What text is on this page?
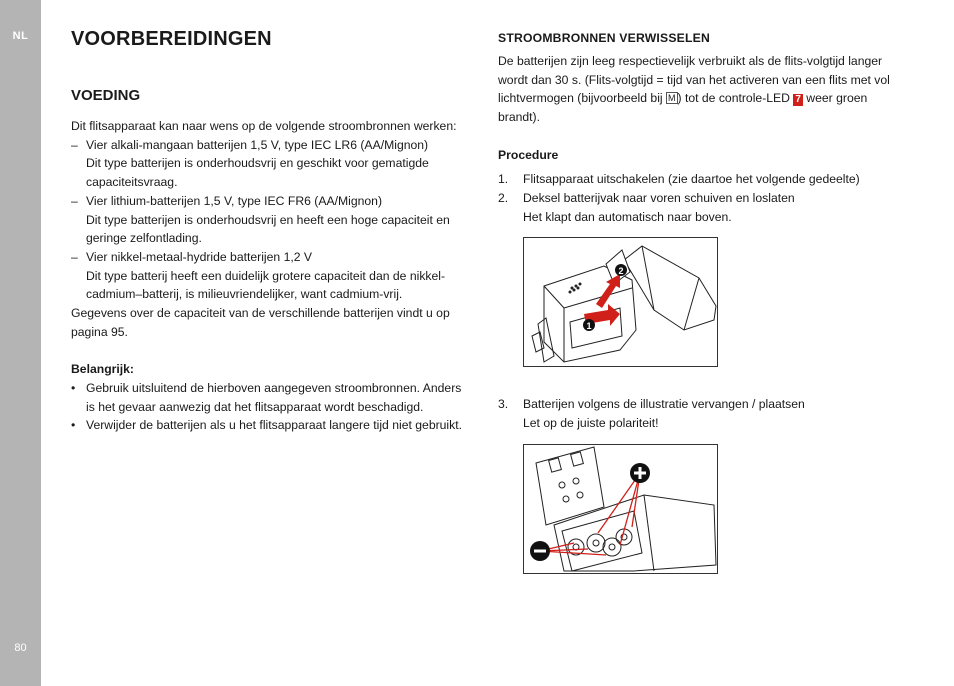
NL
80
VOORBEREIDINGEN
VOEDING

Dit flitsapparaat kan naar wens op de volgende stroombronnen werken:

– Vier alkali-mangaan batterijen 1,5 V, type IEC LR6 (AA/Mignon)
Dit type batterijen is onderhoudsvrij en geschikt voor gematigde capaciteitsvraag.
– Vier lithium-batterijen 1,5 V, type IEC FR6 (AA/Mignon)
Dit type batterijen is onderhoudsvrij en heeft een hoge capaciteit en geringe zelfontlading.
– Vier nikkel-metaal-hydride batterijen 1,2 V
Dit type batterij heeft een duidelijk grotere capaciteit dan de nikkel-cadmium–batterij, is milieuvriendelijker, want cadmium-vrij.

Gegevens over de capaciteit van de verschillende batterijen vindt u op pagina 95.

Belangrijk:

• Gebruik uitsluitend de hierboven aangegeven stroombronnen. Anders is het gevaar aanwezig dat het flitsapparaat wordt beschadigd.
• Verwijder de batterijen als u het flitsapparaat langere tijd niet gebruikt.
STROOMBRONNEN VERWISSELEN

De batterijen zijn leeg respectievelijk verbruikt als de flits-volgtijd langer wordt dan 30 s. (Flits-volgtijd = tijd van het activeren van een flits met vol lichtvermogen (bijvoorbeeld bij M ) tot de controle-LED 7 weer groen brandt).

Procedure

1. Flitsapparaat uitschakelen (zie daartoe het volgende gedeelte)
2. Deksel batterijvak naar voren schuiven en loslaten
Het klapt dan automatisch naar boven.
1
2
3. Batterijen volgens de illustratie vervangen / plaatsen
Let op de juiste polariteit!
